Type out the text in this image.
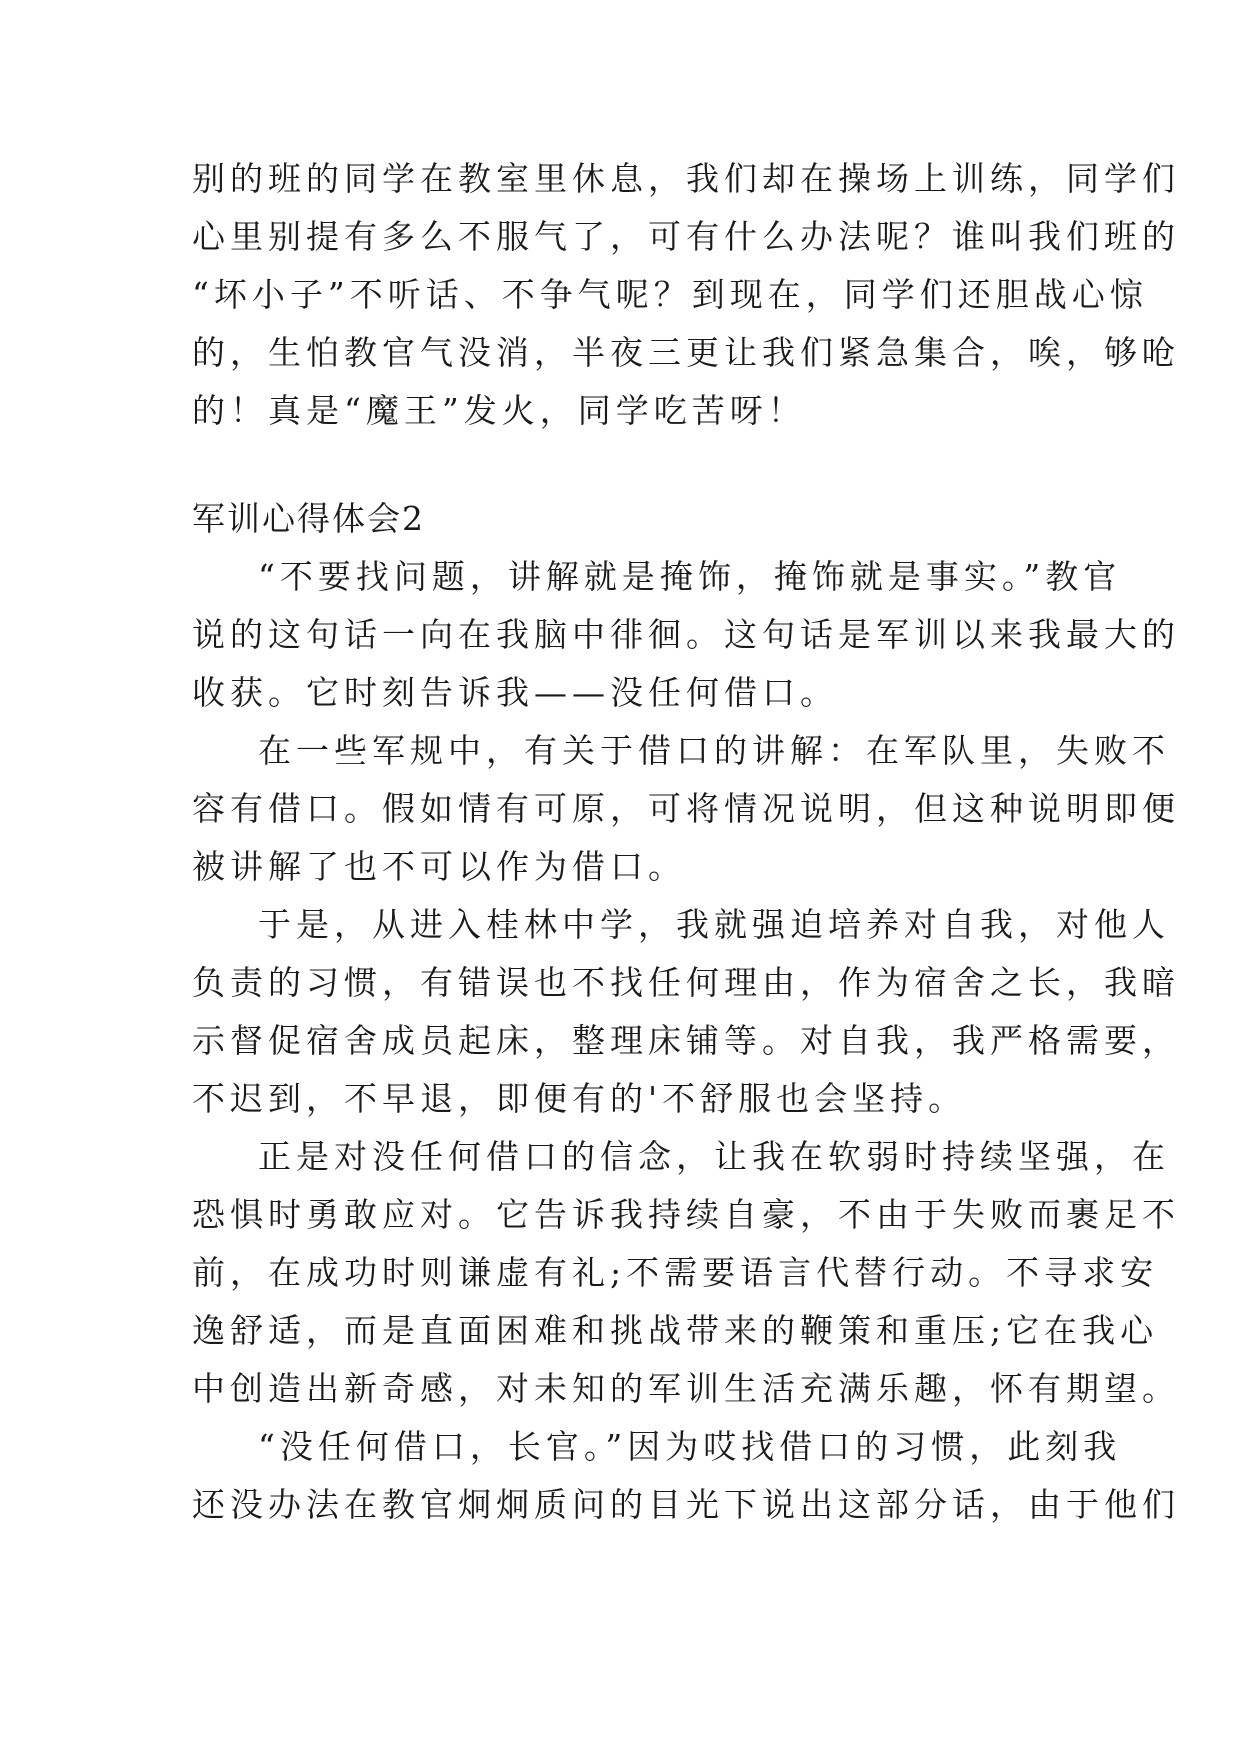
别的班的同学在教室里休息，我们却在操场上训练，同学们
心里别提有多么不服气了，可有什么办法呢？谁叫我们班的
“坏小子”不听话、不争气呢？到现在，同学们还胆战心惊
的，生怕教官气没消，半夜三更让我们紧急集合，唉，够呛
的！真是“魔王”发火，同学吃苦呀！
军训心得体会2
“不要找问题，讲解就是掩饰，掩饰就是事实。”教官
说的这句话一向在我脑中徘徊。这句话是军训以来我最大的
收获。它时刻告诉我——没任何借口。
在一些军规中，有关于借口的讲解：在军队里，失败不
容有借口。假如情有可原，可将情况说明，但这种说明即便
被讲解了也不可以作为借口。
于是，从进入桂林中学，我就强迫培养对自我，对他人
负责的习惯，有错误也不找任何理由，作为宿舍之长，我暗
示督促宿舍成员起床，整理床铺等。对自我，我严格需要，
不迟到，不早退，即便有的'不舒服也会坚持。
正是对没任何借口的信念，让我在软弱时持续坚强，在
恐惧时勇敢应对。它告诉我持续自豪，不由于失败而裹足不
前，在成功时则谦虚有礼;不需要语言代替行动。不寻求安
逸舒适，而是直面困难和挑战带来的鞭策和重压;它在我心
中创造出新奇感，对未知的军训生活充满乐趣，怀有期望。
“没任何借口，长官。”因为哎找借口的习惯，此刻我
还没办法在教官炯炯质问的目光下说出这部分话，由于他们
